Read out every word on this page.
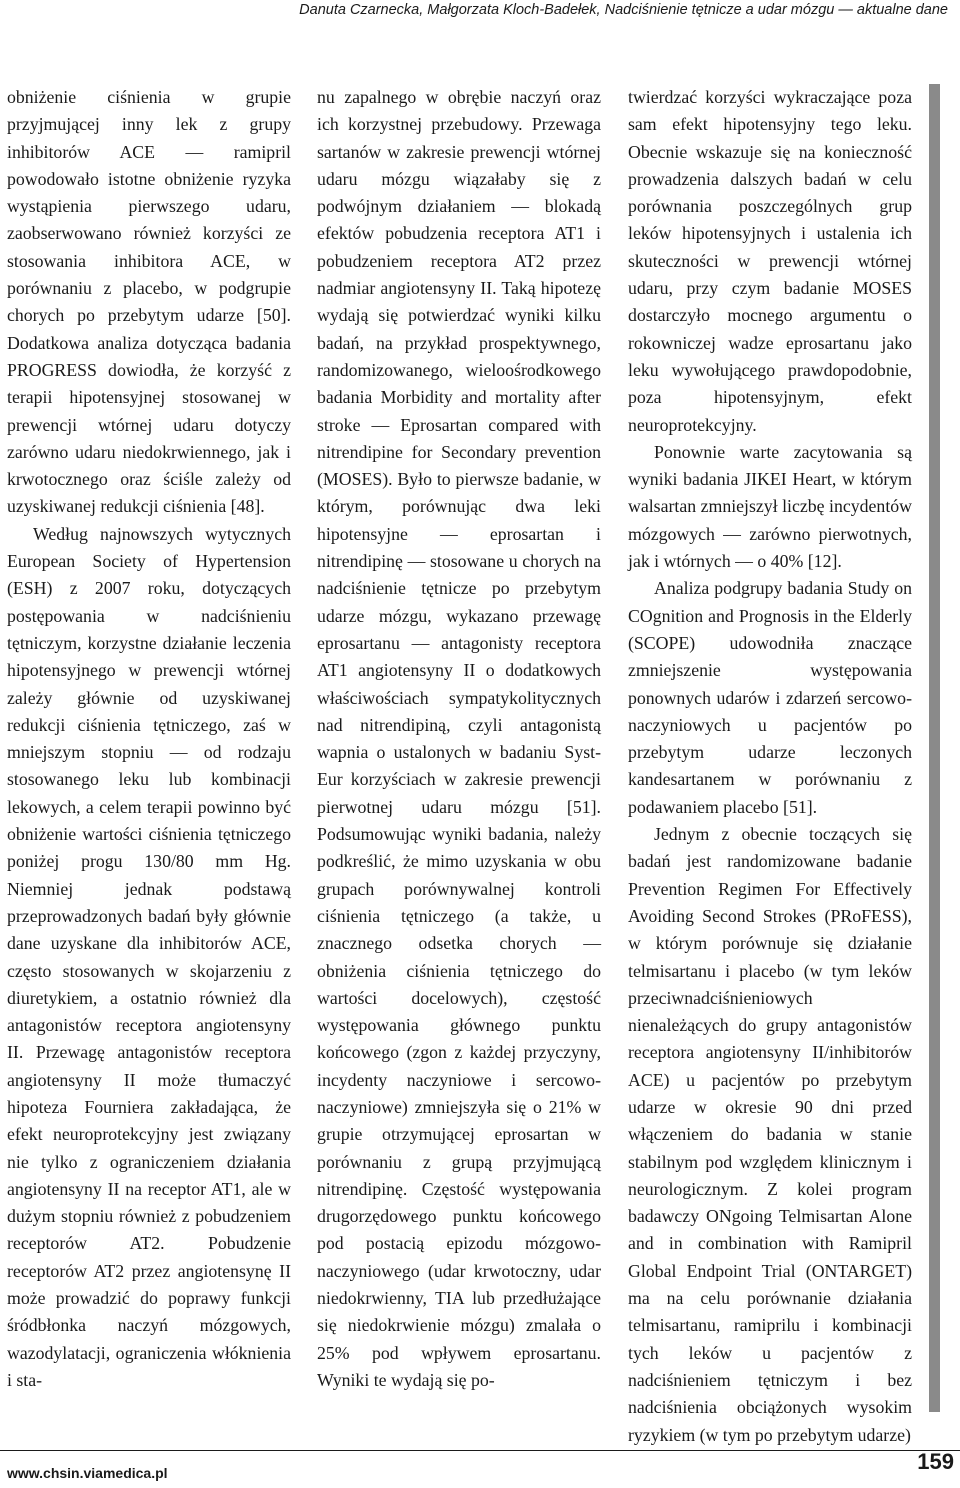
Danuta Czarnecka, Małgorzata Kloch-Badełek, Nadciśnienie tętnicze a udar mózgu — aktualne dane

obniżenie ciśnienia w grupie przyjmującej inny lek z grupy inhibitorów ACE — ramipril powodowało istotne obniżenie ryzyka wystąpienia pierwszego udaru, zaobserwowano również korzyści ze stosowania inhibitora ACE, w porównaniu z placebo, w podgrupie chorych po przebytym udarze [50]. Dodatkowa analiza dotycząca badania PROGRESS dowiodła, że korzyść z terapii hipotensyjnej stosowanej w prewencji wtórnej udaru dotyczy zarówno udaru niedokrwiennego, jak i krwotocznego oraz ściśle zależy od uzyskiwanej redukcji ciśnienia [48].

Według najnowszych wytycznych European Society of Hypertension (ESH) z 2007 roku, dotyczących postępowania w nadciśnieniu tętniczym, korzystne działanie leczenia hipotensyjnego w prewencji wtórnej zależy głównie od uzyskiwanej redukcji ciśnienia tętniczego, zaś w mniejszym stopniu — od rodzaju stosowanego leku lub kombinacji lekowych, a celem terapii powinno być obniżenie wartości ciśnienia tętniczego poniżej progu 130/80 mm Hg. Niemniej jednak podstawą przeprowadzonych badań były głównie dane uzyskane dla inhibitorów ACE, często stosowanych w skojarzeniu z diuretykiem, a ostatnio również dla antagonistów receptora angiotensyny II. Przewagę antagonistów receptora angiotensyny II może tłumaczyć hipoteza Fourniera zakładająca, że efekt neuroprotekcyjny jest związany nie tylko z ograniczeniem działania angiotensyny II na receptor AT1, ale w dużym stopniu również z pobudzeniem receptorów AT2. Pobudzenie receptorów AT2 przez angiotensynę II może prowadzić do poprawy funkcji śródbłonka naczyń mózgowych, wazodylatacji, ograniczenia włóknienia i sta-

nu zapalnego w obrębie naczyń oraz ich korzystnej przebudowy. Przewaga sartanów w zakresie prewencji wtórnej udaru mózgu wiązałaby się z podwójnym działaniem — blokadą efektów pobudzenia receptora AT1 i pobudzeniem receptora AT2 przez nadmiar angiotensyny II. Taką hipotezę wydają się potwierdzać wyniki kilku badań, na przykład prospektywnego, randomizowanego, wieloośrodkowego badania Morbidity and mortality after stroke — Eprosartan compared with nitrendipine for Secondary prevention (MOSES). Było to pierwsze badanie, w którym, porównując dwa leki hipotensyjne — eprosartan i nitrendipinę — stosowane u chorych na nadciśnienie tętnicze po przebytym udarze mózgu, wykazano przewagę eprosartanu — antagonisty receptora AT1 angiotensyny II o dodatkowych właściwościach sympatykolitycznych nad nitrendipiną, czyli antagonistą wapnia o ustalonych w badaniu Syst-Eur korzyściach w zakresie prewencji pierwotnej udaru mózgu [51]. Podsumowując wyniki badania, należy podkreślić, że mimo uzyskania w obu grupach porównywalnej kontroli ciśnienia tętniczego (a także, u znacznego odsetka chorych — obniżenia ciśnienia tętniczego do wartości docelowych), częstość występowania głównego punktu końcowego (zgon z każdej przyczyny, incydenty naczyniowe i sercowo-naczyniowe) zmniejszyła się o 21% w grupie otrzymującej eprosartan w porównaniu z grupą przyjmującą nitrendipinę. Częstość występowania drugorzędowego punktu końcowego pod postacią epizodu mózgowo-naczyniowego (udar krwotoczny, udar niedokrwienny, TIA lub przedłużające się niedokrwienie mózgu) zmalała o 25% pod wpływem eprosartanu. Wyniki te wydają się po-

twierdzać korzyści wykraczające poza sam efekt hipotensyjny tego leku. Obecnie wskazuje się na konieczność prowadzenia dalszych badań w celu porównania poszczególnych grup leków hipotensyjnych i ustalenia ich skuteczności w prewencji wtórnej udaru, przy czym badanie MOSES dostarczyło mocnego argumentu o rokowniczej wadze eprosartanu jako leku wywołującego prawdopodobnie, poza hipotensyjnym, efekt neuroprotekcyjny.

Ponownie warte zacytowania są wyniki badania JIKEI Heart, w którym walsartan zmniejszył liczbę incydentów mózgowych — zarówno pierwotnych, jak i wtórnych — o 40% [12].

Analiza podgrupy badania Study on COgnition and Prognosis in the Elderly (SCOPE) udowodniła znaczące zmniejszenie występowania ponownych udarów i zdarzeń sercowo-naczyniowych u pacjentów po przebytym udarze leczonych kandesartanem w porównaniu z podawaniem placebo [51].

Jednym z obecnie toczących się badań jest randomizowane badanie Prevention Regimen For Effectively Avoiding Second Strokes (PRoFESS), w którym porównuje się działanie telmisartanu i placebo (w tym leków przeciwnadciśnieniowych nienależących do grupy antagonistów receptora angiotensyny II/inhibitorów ACE) u pacjentów po przebytym udarze w okresie 90 dni przed włączeniem do badania w stanie stabilnym pod względem klinicznym i neurologicznym. Z kolei program badawczy ONgoing Telmisartan Alone and in combination with Ramipril Global Endpoint Trial (ONTARGET) ma na celu porównanie działania telmisartanu, ramiprilu i kombinacji tych leków u pacjentów z nadciśnieniem tętniczym i bez nadciśnienia obciążonych wysokim ryzykiem (w tym po przebytym udarze)

www.chsin.viamedica.pl	159
